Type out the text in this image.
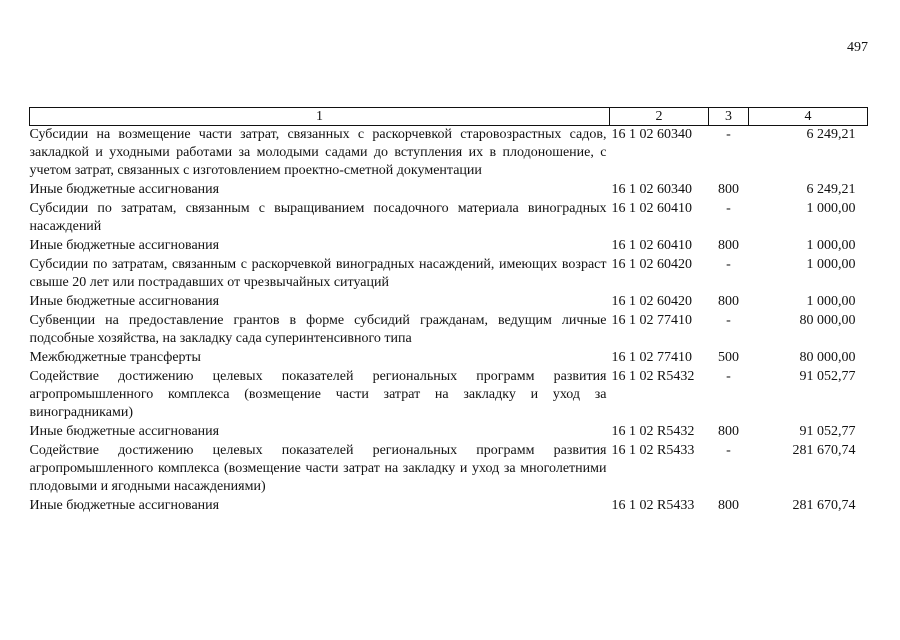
497
1	2	3	4
Субсидии на возмещение части затрат, связанных с раскорчевкой старовозрастных садов, закладкой и уходными работами за молодыми садами до вступления их в плодоношение, с учетом затрат, связанных с изготовлением проектно-сметной документации	16 1 02 60340	-	6 249,21
Иные бюджетные ассигнования	16 1 02 60340	800	6 249,21
Субсидии по затратам, связанным с выращиванием посадочного материала виноградных насаждений	16 1 02 60410	-	1 000,00
Иные бюджетные ассигнования	16 1 02 60410	800	1 000,00
Субсидии по затратам, связанным с раскорчевкой виноградных насаждений, имеющих возраст свыше 20 лет или пострадавших от чрезвычайных ситуаций	16 1 02 60420	-	1 000,00
Иные бюджетные ассигнования	16 1 02 60420	800	1 000,00
Субвенции на предоставление грантов в форме субсидий гражданам, ведущим личные подсобные хозяйства, на закладку сада суперинтенсивного типа	16 1 02 77410	-	80 000,00
Межбюджетные трансферты	16 1 02 77410	500	80 000,00
Содействие достижению целевых показателей региональных программ развития агропромышленного комплекса (возмещение части затрат на закладку и уход за виноградниками)	16 1 02 R5432	-	91 052,77
Иные бюджетные ассигнования	16 1 02 R5432	800	91 052,77
Содействие достижению целевых показателей региональных программ развития агропромышленного комплекса (возмещение части затрат на закладку и уход за многолетними плодовыми и ягодными насаждениями)	16 1 02 R5433	-	281 670,74
Иные бюджетные ассигнования	16 1 02 R5433	800	281 670,74
